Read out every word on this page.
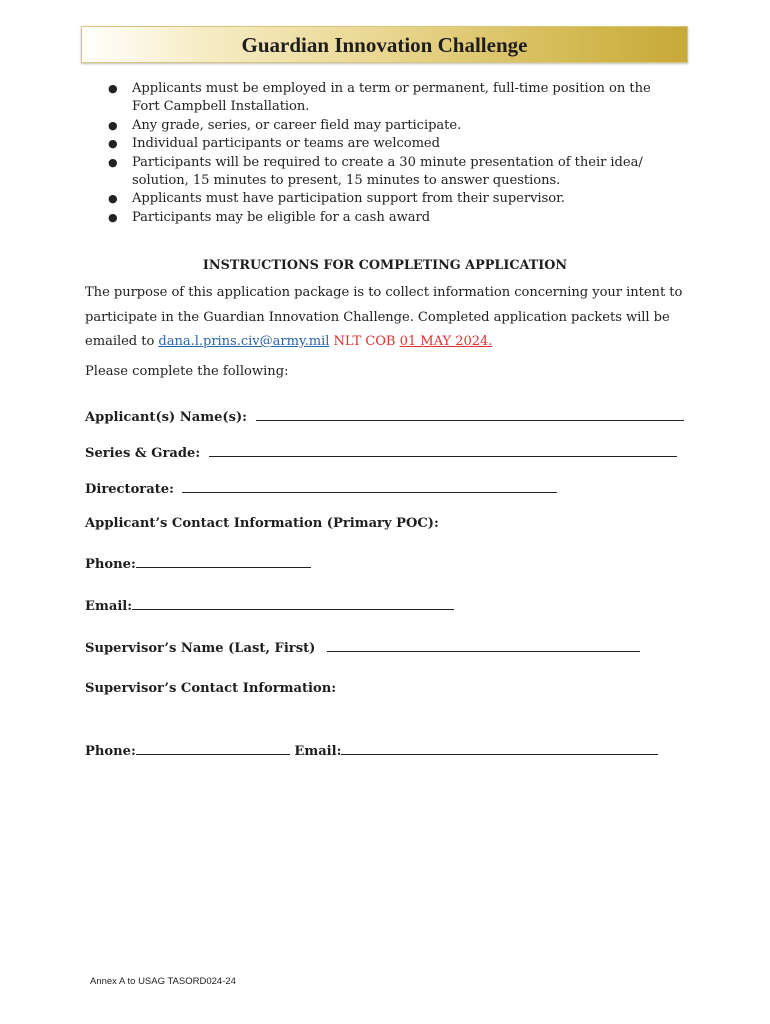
Guardian Innovation Challenge
● Applicants must be employed in a term or permanent, full-time position on the Fort Campbell Installation.
● Any grade, series, or career field may participate.
● Individual participants or teams are welcomed
● Participants will be required to create a 30 minute presentation of their idea/ solution, 15 minutes to present, 15 minutes to answer questions.
● Applicants must have participation support from their supervisor.
● Participants may be eligible for a cash award

INSTRUCTIONS FOR COMPLETING APPLICATION

The purpose of this application package is to collect information concerning your intent to participate in the Guardian Innovation Challenge. Completed application packets will be emailed to dana.l.prins.civ@army.mil NLT COB 01 MAY 2024.

Please complete the following:

Applicant(s) Name(s):
Series & Grade:
Directorate:
Applicant’s Contact Information (Primary POC):
Phone:
Email:
Supervisor’s Name (Last, First)
Supervisor’s Contact Information:
Phone:	Email:
Annex A to USAG TASORD024-24
